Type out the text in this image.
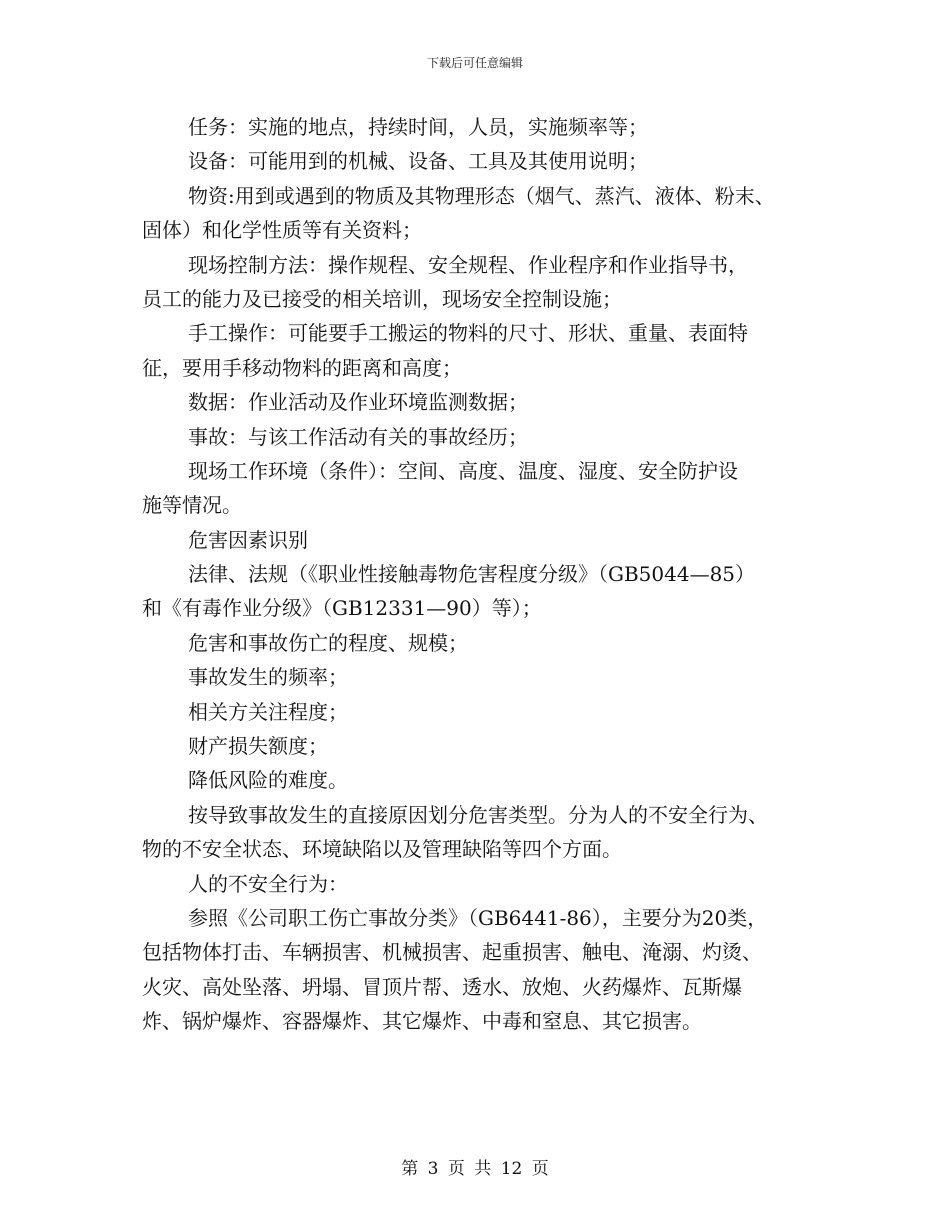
下载后可任意编辑
任务：实施的地点，持续时间，人员，实施频率等；
设备：可能用到的机械、设备、工具及其使用说明；
物资:用到或遇到的物质及其物理形态（烟气、蒸汽、液体、粉末、
固体）和化学性质等有关资料；
现场控制方法：操作规程、安全规程、作业程序和作业指导书，
员工的能力及已接受的相关培训，现场安全控制设施；
手工操作：可能要手工搬运的物料的尺寸、形状、重量、表面特
征，要用手移动物料的距离和高度；
数据：作业活动及作业环境监测数据；
事故：与该工作活动有关的事故经历；
现场工作环境（条件）：空间、高度、温度、湿度、安全防护设
施等情况。
危害因素识别
法律、法规（《职业性接触毒物危害程度分级》（GB5044—85）
和《有毒作业分级》（GB12331—90）等）；
危害和事故伤亡的程度、规模；
事故发生的频率；
相关方关注程度；
财产损失额度；
降低风险的难度。
按导致事故发生的直接原因划分危害类型。分为人的不安全行为、
物的不安全状态、环境缺陷以及管理缺陷等四个方面。
人的不安全行为：
参照《公司职工伤亡事故分类》（GB6441-86），主要分为20类，
包括物体打击、车辆损害、机械损害、起重损害、触电、淹溺、灼烫、
火灾、高处坠落、坍塌、冒顶片帮、透水、放炮、火药爆炸、瓦斯爆
炸、锅炉爆炸、容器爆炸、其它爆炸、中毒和窒息、其它损害。
第 3 页 共 12 页
